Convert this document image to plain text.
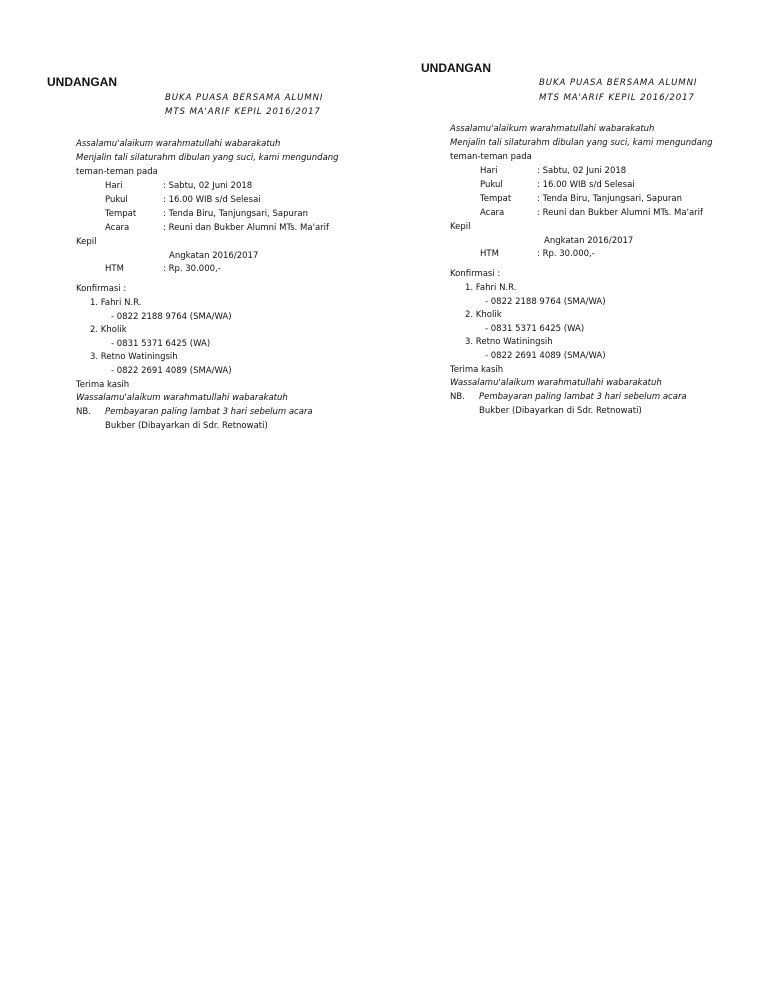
UNDANGAN
BUKA PUASA BERSAMA ALUMNI
MTS MA'ARIF KEPIL 2016/2017
Assalamu'alaikum warahmatullahi wabarakatuh
Menjalin tali silaturahm dibulan yang suci, kami mengundang
teman-teman pada
Hari	: Sabtu, 02 Juni 2018
Pukul	: 16.00 WIB s/d Selesai
Tempat	: Tenda Biru, Tanjungsari, Sapuran
Acara	: Reuni dan Bukber Alumni MTs. Ma'arif
Kepil
Angkatan 2016/2017
HTM	: Rp. 30.000,-
Konfirmasi :
1. Fahri N.R.
- 0822 2188 9764 (SMA/WA)
2. Kholik
- 0831 5371 6425 (WA)
3. Retno Watiningsih
- 0822 2691 4089 (SMA/WA)
Terima kasih
Wassalamu'alaikum warahmatullahi wabarakatuh
NB. Pembayaran paling lambat 3 hari sebelum acara
Bukber (Dibayarkan di Sdr. Retnowati)
UNDANGAN
BUKA PUASA BERSAMA ALUMNI
MTS MA'ARIF KEPIL 2016/2017
Assalamu'alaikum warahmatullahi wabarakatuh
Menjalin tali silaturahm dibulan yang suci, kami mengundang
teman-teman pada
Hari	: Sabtu, 02 Juni 2018
Pukul	: 16.00 WIB s/d Selesai
Tempat	: Tenda Biru, Tanjungsari, Sapuran
Acara	: Reuni dan Bukber Alumni MTs. Ma'arif
Kepil
Angkatan 2016/2017
HTM	: Rp. 30.000,-
Konfirmasi :
1. Fahri N.R.
- 0822 2188 9764 (SMA/WA)
2. Kholik
- 0831 5371 6425 (WA)
3. Retno Watiningsih
- 0822 2691 4089 (SMA/WA)
Terima kasih
Wassalamu'alaikum warahmatullahi wabarakatuh
NB. Pembayaran paling lambat 3 hari sebelum acara
Bukber (Dibayarkan di Sdr. Retnowati)
